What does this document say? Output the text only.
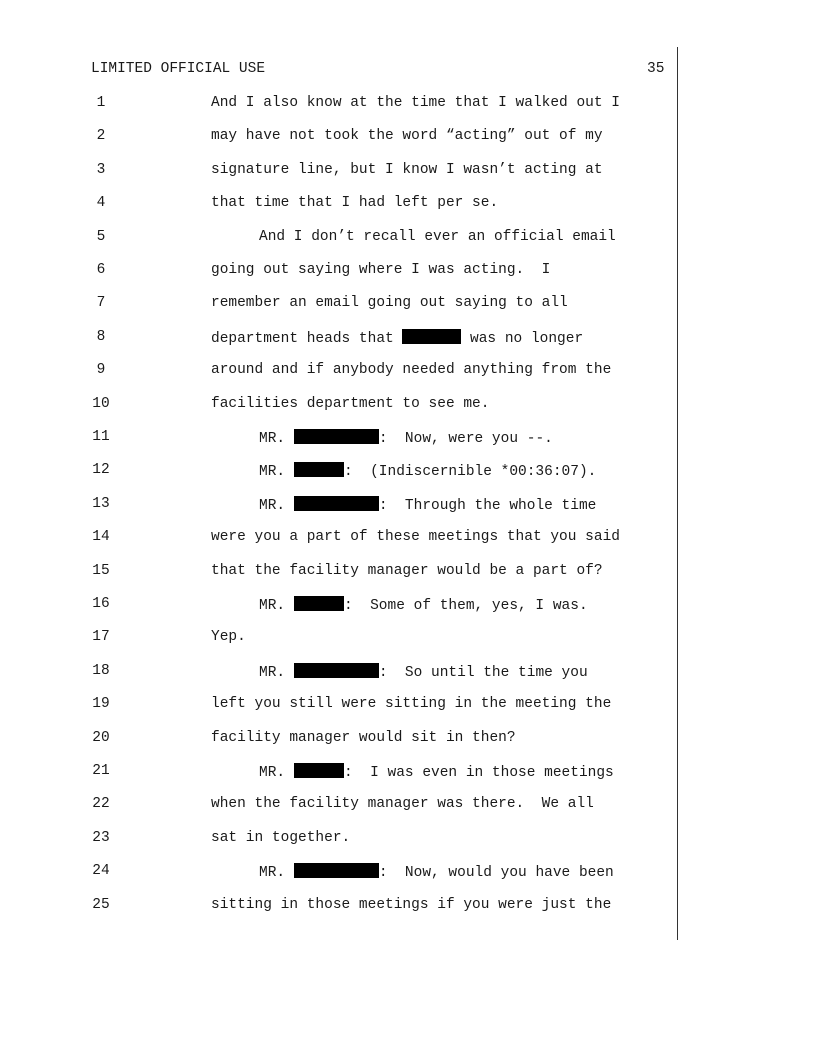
LIMITED OFFICIAL USE	35
1	And I also know at the time that I walked out I
2	may have not took the word “acting” out of my
3	signature line, but I know I wasn’t acting at
4	that time that I had left per se.
5	And I don’t recall ever an official email
6	going out saying where I was acting.  I
7	remember an email going out saying to all
8	department heads that	was no longer
9	around and if anybody needed anything from the
10	facilities department to see me.
11	MR.	:  Now, were you --.
12	MR.	:  (Indiscernible *00:36:07).
13	MR.	:  Through the whole time
14	were you a part of these meetings that you said
15	that the facility manager would be a part of?
16	MR.	:  Some of them, yes, I was.
17	Yep.
18	MR.	:  So until the time you
19	left you still were sitting in the meeting the
20	facility manager would sit in then?
21	MR.	:  I was even in those meetings
22	when the facility manager was there.  We all
23	sat in together.
24	MR.	:  Now, would you have been
25	sitting in those meetings if you were just the
